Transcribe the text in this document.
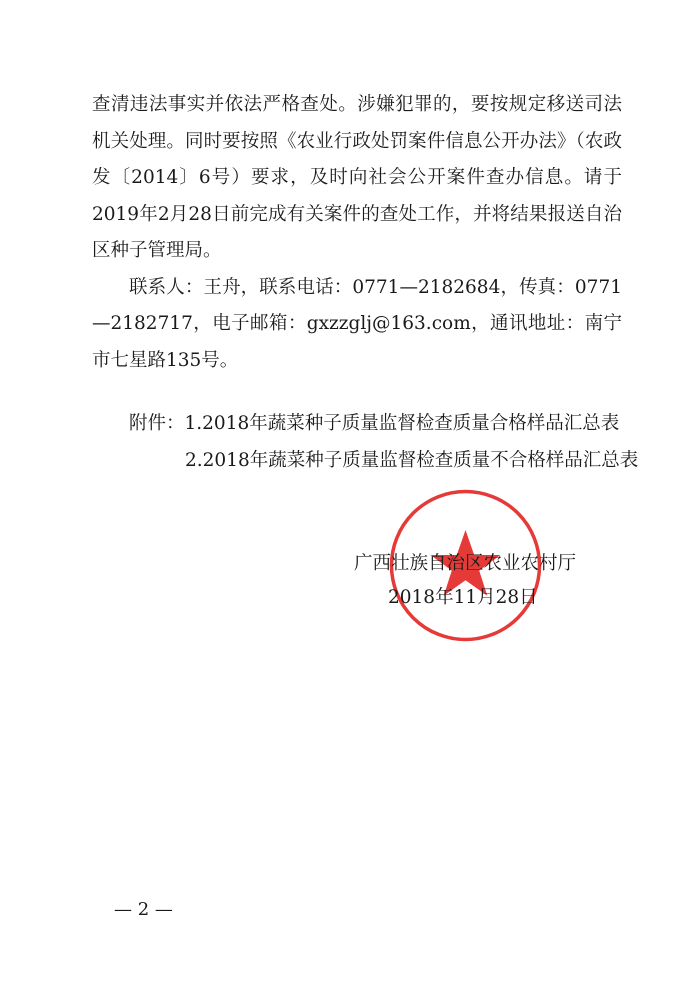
查清违法事实并依法严格查处。涉嫌犯罪的，要按规定移送司法机关处理。同时要按照《农业行政处罚案件信息公开办法》（农政发〔2014〕6号）要求，及时向社会公开案件查办信息。请于2019年2月28日前完成有关案件的查处工作，并将结果报送自治区种子管理局。

联系人：王舟，联系电话：0771—2182684，传真：0771—2182717，电子邮箱：gxzzglj@163.com，通讯地址：南宁市七星路135号。

附件： 1.2018年蔬菜种子质量监督检查质量合格样品汇总表
2.2018年蔬菜种子质量监督检查质量不合格样品汇总表
广西壮族自治区农业农村厅
2018年11月28日
— 2 —
